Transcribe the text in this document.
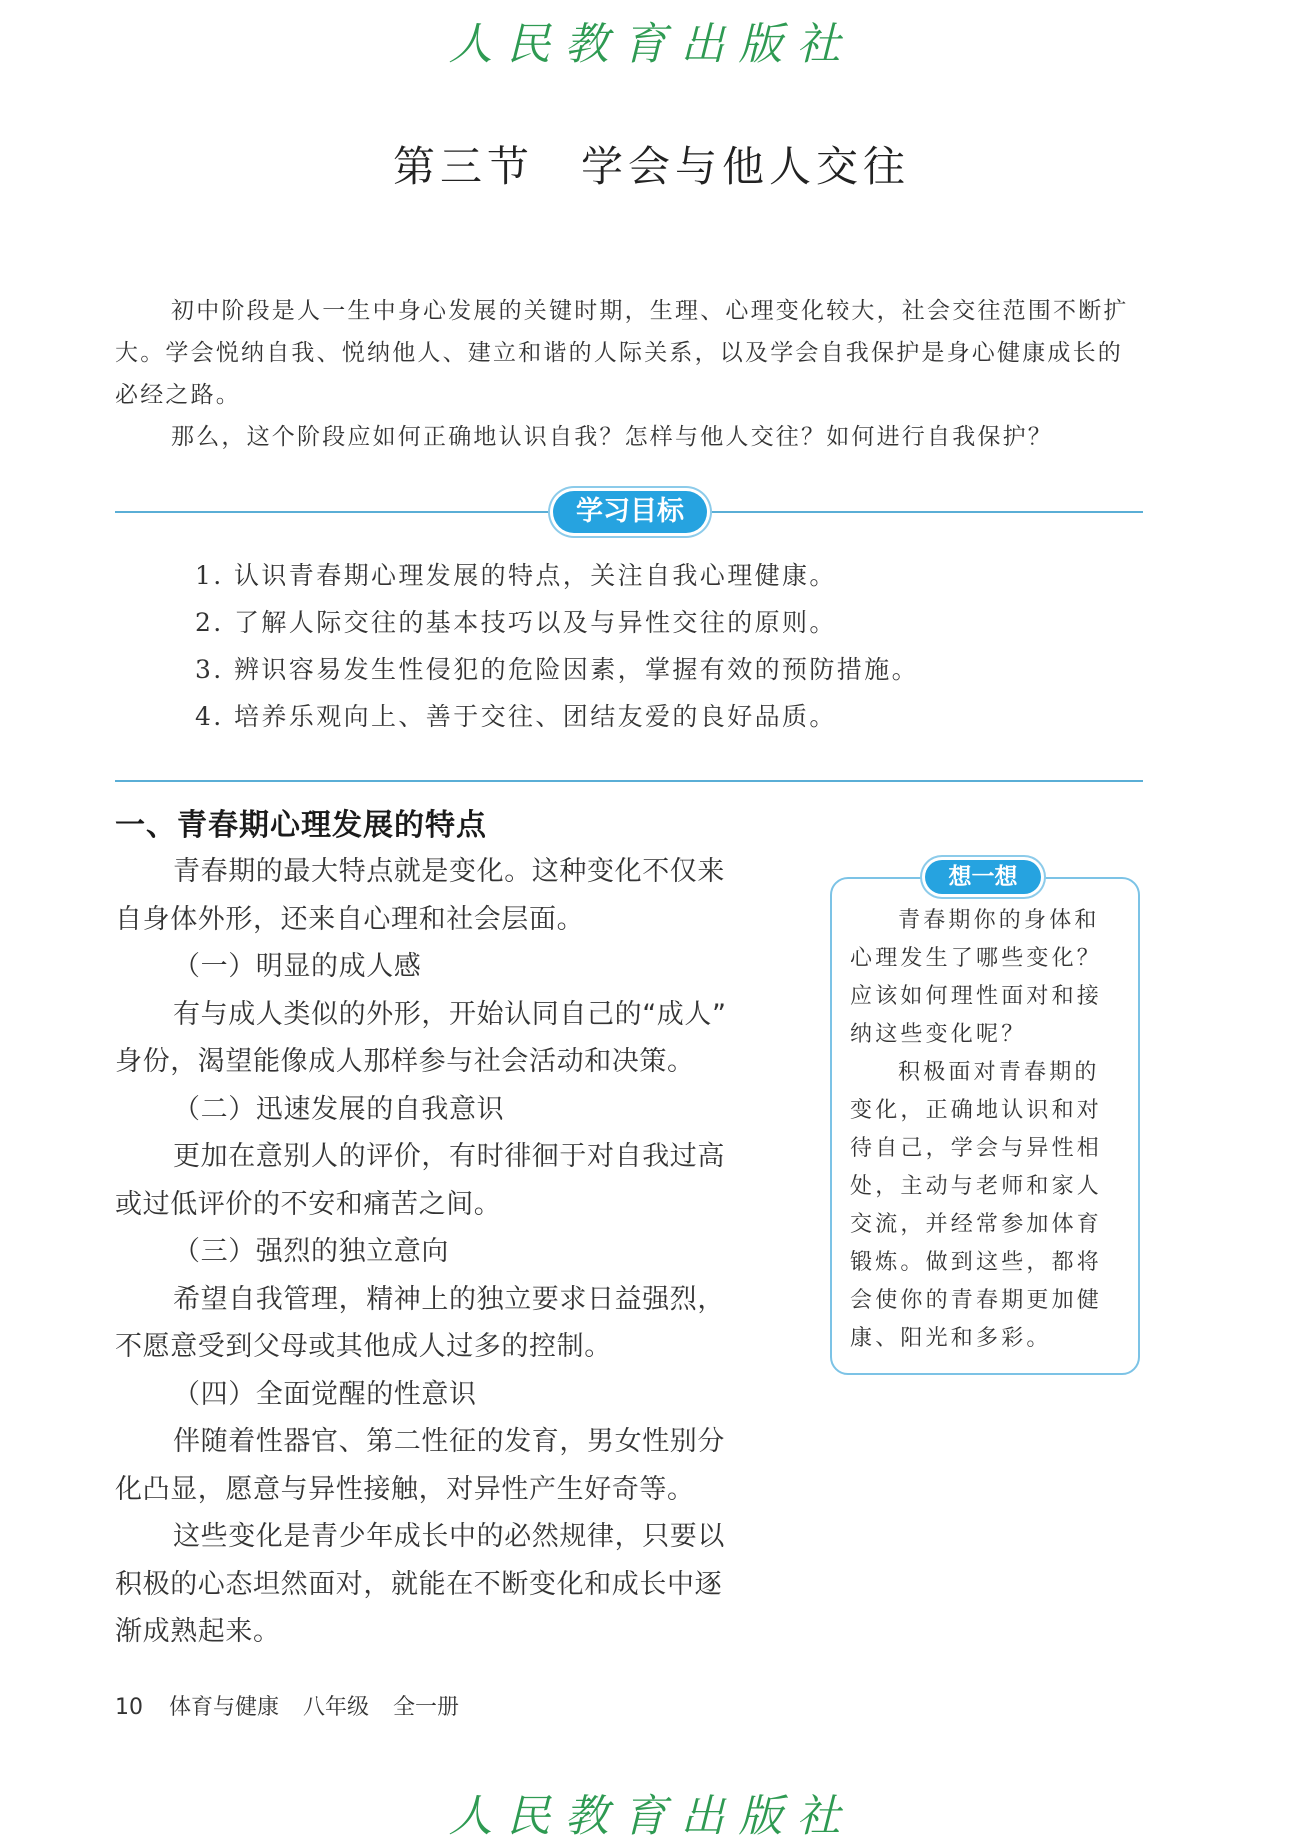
人民教育出版社
第三节　学会与他人交往

初中阶段是人一生中身心发展的关键时期，生理、心理变化较大，社会交往范围不断扩大。学会悦纳自我、悦纳他人、建立和谐的人际关系，以及学会自我保护是身心健康成长的必经之路。

那么，这个阶段应如何正确地认识自我？怎样与他人交往？如何进行自我保护？

学习目标
1. 认识青春期心理发展的特点，关注自我心理健康。
2. 了解人际交往的基本技巧以及与异性交往的原则。
3. 辨识容易发生性侵犯的危险因素，掌握有效的预防措施。
4. 培养乐观向上、善于交往、团结友爱的良好品质。
一、青春期心理发展的特点
青春期的最大特点就是变化。这种变化不仅来
自身体外形，还来自心理和社会层面。
（一）明显的成人感
有与成人类似的外形，开始认同自己的“成人”
身份，渴望能像成人那样参与社会活动和决策。
（二）迅速发展的自我意识
更加在意别人的评价，有时徘徊于对自我过高
或过低评价的不安和痛苦之间。
（三）强烈的独立意向
希望自我管理，精神上的独立要求日益强烈，
不愿意受到父母或其他成人过多的控制。
（四）全面觉醒的性意识
伴随着性器官、第二性征的发育，男女性别分
化凸显，愿意与异性接触，对异性产生好奇等。
这些变化是青少年成长中的必然规律，只要以
积极的心态坦然面对，就能在不断变化和成长中逐
渐成熟起来。
想一想
青春期你的身体和
心理发生了哪些变化？
应该如何理性面对和接
纳这些变化呢？
积极面对青春期的
变化，正确地认识和对
待自己，学会与异性相
处，主动与老师和家人
交流，并经常参加体育
锻炼。做到这些，都将
会使你的青春期更加健
康、阳光和多彩。
10 体育与健康 八年级 全一册
人民教育出版社
